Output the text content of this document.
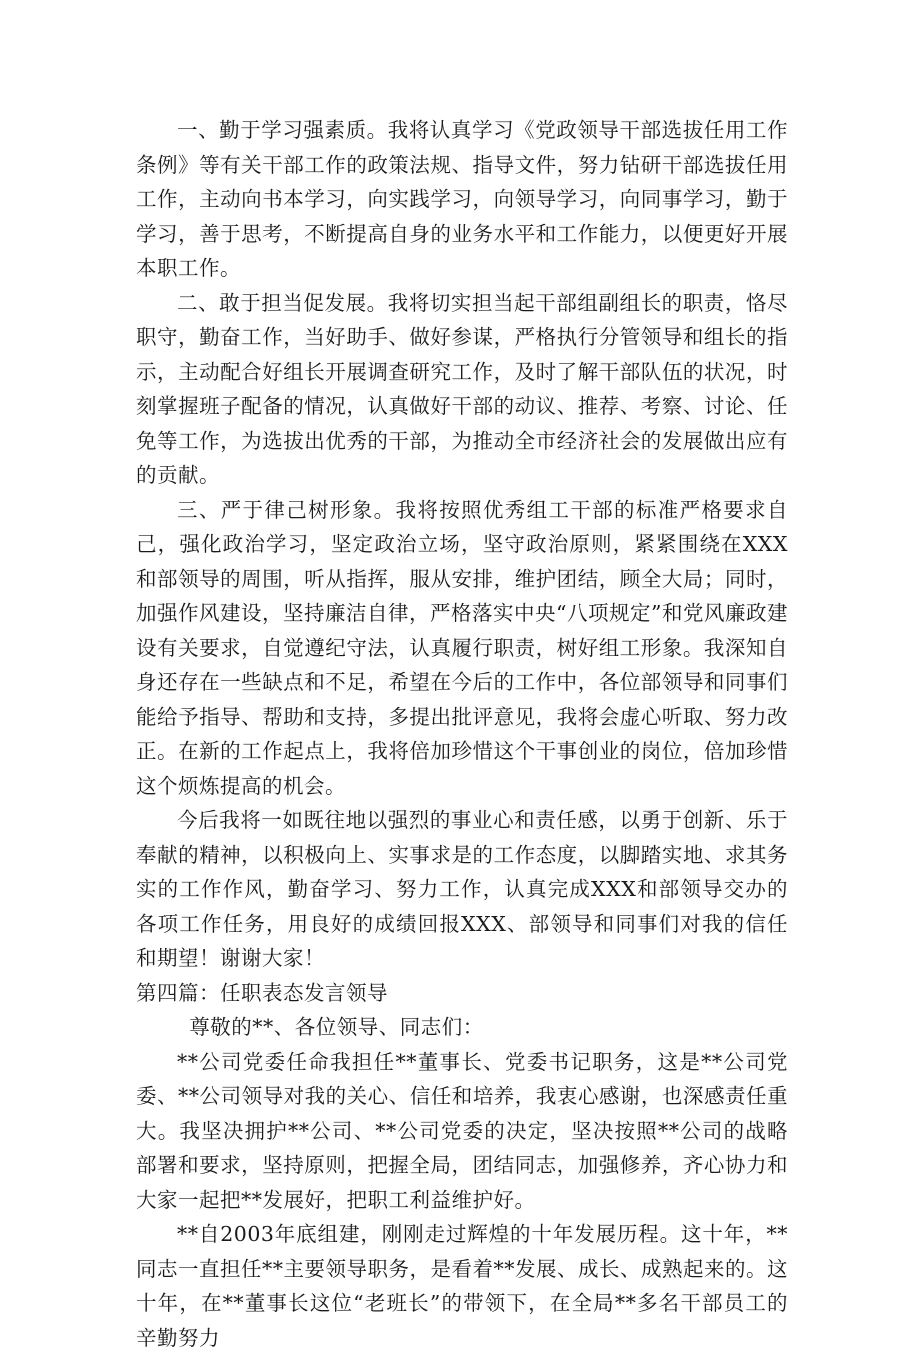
一、勤于学习强素质。我将认真学习《党政领导干部选拔任用工作条例》等有关干部工作的政策法规、指导文件，努力钻研干部选拔任用工作，主动向书本学习，向实践学习，向领导学习，向同事学习，勤于学习，善于思考，不断提高自身的业务水平和工作能力，以便更好开展本职工作。

二、敢于担当促发展。我将切实担当起干部组副组长的职责，恪尽职守，勤奋工作，当好助手、做好参谋，严格执行分管领导和组长的指示，主动配合好组长开展调查研究工作，及时了解干部队伍的状况，时刻掌握班子配备的情况，认真做好干部的动议、推荐、考察、讨论、任免等工作，为选拔出优秀的干部，为推动全市经济社会的发展做出应有的贡献。

三、严于律己树形象。我将按照优秀组工干部的标准严格要求自己，强化政治学习，坚定政治立场，坚守政治原则，紧紧围绕在XXX和部领导的周围，听从指挥，服从安排，维护团结，顾全大局；同时，加强作风建设，坚持廉洁自律，严格落实中央“八项规定”和党风廉政建设有关要求，自觉遵纪守法，认真履行职责，树好组工形象。我深知自身还存在一些缺点和不足，希望在今后的工作中，各位部领导和同事们能给予指导、帮助和支持，多提出批评意见，我将会虚心听取、努力改正。在新的工作起点上，我将倍加珍惜这个干事创业的岗位，倍加珍惜这个烦炼提高的机会。

今后我将一如既往地以强烈的事业心和责任感，以勇于创新、乐于奉献的精神，以积极向上、实事求是的工作态度，以脚踏实地、求其务实的工作作风，勤奋学习、努力工作，认真完成XXX和部领导交办的各项工作任务，用良好的成绩回报XXX、部领导和同事们对我的信任和期望！谢谢大家！

第四篇：任职表态发言领导

尊敬的**、各位领导、同志们：

**公司党委任命我担任**董事长、党委书记职务，这是**公司党委、**公司领导对我的关心、信任和培养，我衷心感谢，也深感责任重大。我坚决拥护**公司、**公司党委的决定，坚决按照**公司的战略部署和要求，坚持原则，把握全局，团结同志，加强修养，齐心协力和大家一起把**发展好，把职工利益维护好。

**自2003年底组建，刚刚走过辉煌的十年发展历程。这十年，**同志一直担任**主要领导职务，是看着**发展、成长、成熟起来的。这十年，在**董事长这位“老班长”的带领下，在全局**多名干部员工的辛勤努力
